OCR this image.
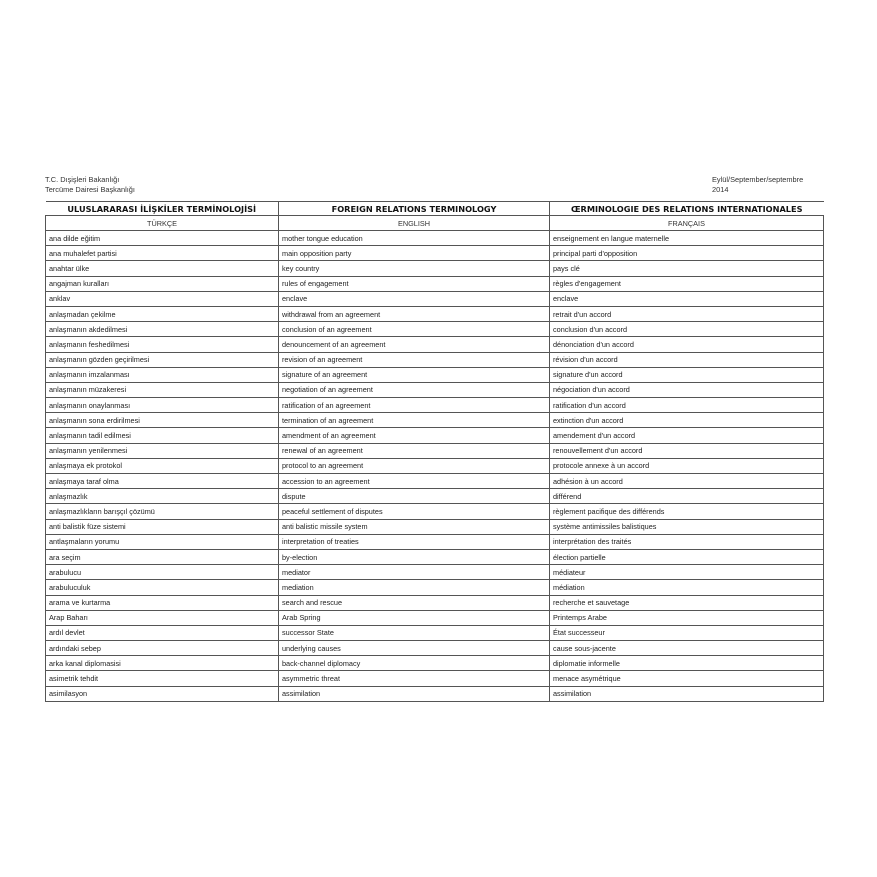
T.C. Dışişleri Bakanlığı
Tercüme Dairesi Başkanlığı
Eylül/September/septembre
2014
ULUSLARARASI İLİŞKİLER TERMİNOLOJİSİ	FOREIGN RELATIONS TERMINOLOGY	ŒRMINOLOGIE DES RELATIONS INTERNATIONALES
TÜRKÇE	ENGLISH	FRANÇAIS
ana dilde eğitim	mother tongue education	enseignement en langue maternelle
ana muhalefet partisi	main opposition party	principal parti d'opposition
anahtar ülke	key country	pays clé
angajman kuralları	rules of engagement	règles d'engagement
anklav	enclave	enclave
anlaşmadan çekilme	withdrawal from an agreement	retrait d'un accord
anlaşmanın akdedilmesi	conclusion of an agreement	conclusion d'un accord
anlaşmanın feshedilmesi	denouncement of an agreement	dénonciation d'un accord
anlaşmanın gözden geçirilmesi	revision of an agreement	révision d'un accord
anlaşmanın imzalanması	signature of an agreement	signature d'un accord
anlaşmanın müzakeresi	negotiation of an agreement	négociation d'un accord
anlaşmanın onaylanması	ratification of an agreement	ratification d'un accord
anlaşmanın sona erdirilmesi	termination of an agreement	extinction d'un accord
anlaşmanın tadil edilmesi	amendment of an agreement	amendement d'un accord
anlaşmanın yenilenmesi	renewal of an agreement	renouvellement d'un accord
anlaşmaya ek protokol	protocol to an agreement	protocole annexe à un accord
anlaşmaya taraf olma	accession to an agreement	adhésion à un accord
anlaşmazlık	dispute	différend
anlaşmazlıkların barışçıl çözümü	peaceful settlement of disputes	règlement pacifique des différends
anti balistik füze sistemi	anti balistic missile system	système antimissiles balistiques
antlaşmaların yorumu	interpretation of treaties	interprétation des traités
ara seçim	by-election	élection partielle
arabulucu	mediator	médiateur
arabuluculuk	mediation	médiation
arama ve kurtarma	search and rescue	recherche et sauvetage
Arap Baharı	Arab Spring	Printemps Arabe
ardıl devlet	successor State	État successeur
ardındaki sebep	underlying causes	cause sous-jacente
arka kanal diplomasisi	back-channel diplomacy	diplomatie informelle
asimetrik tehdit	asymmetric threat	menace asymétrique
asimilasyon	assimilation	assimilation
